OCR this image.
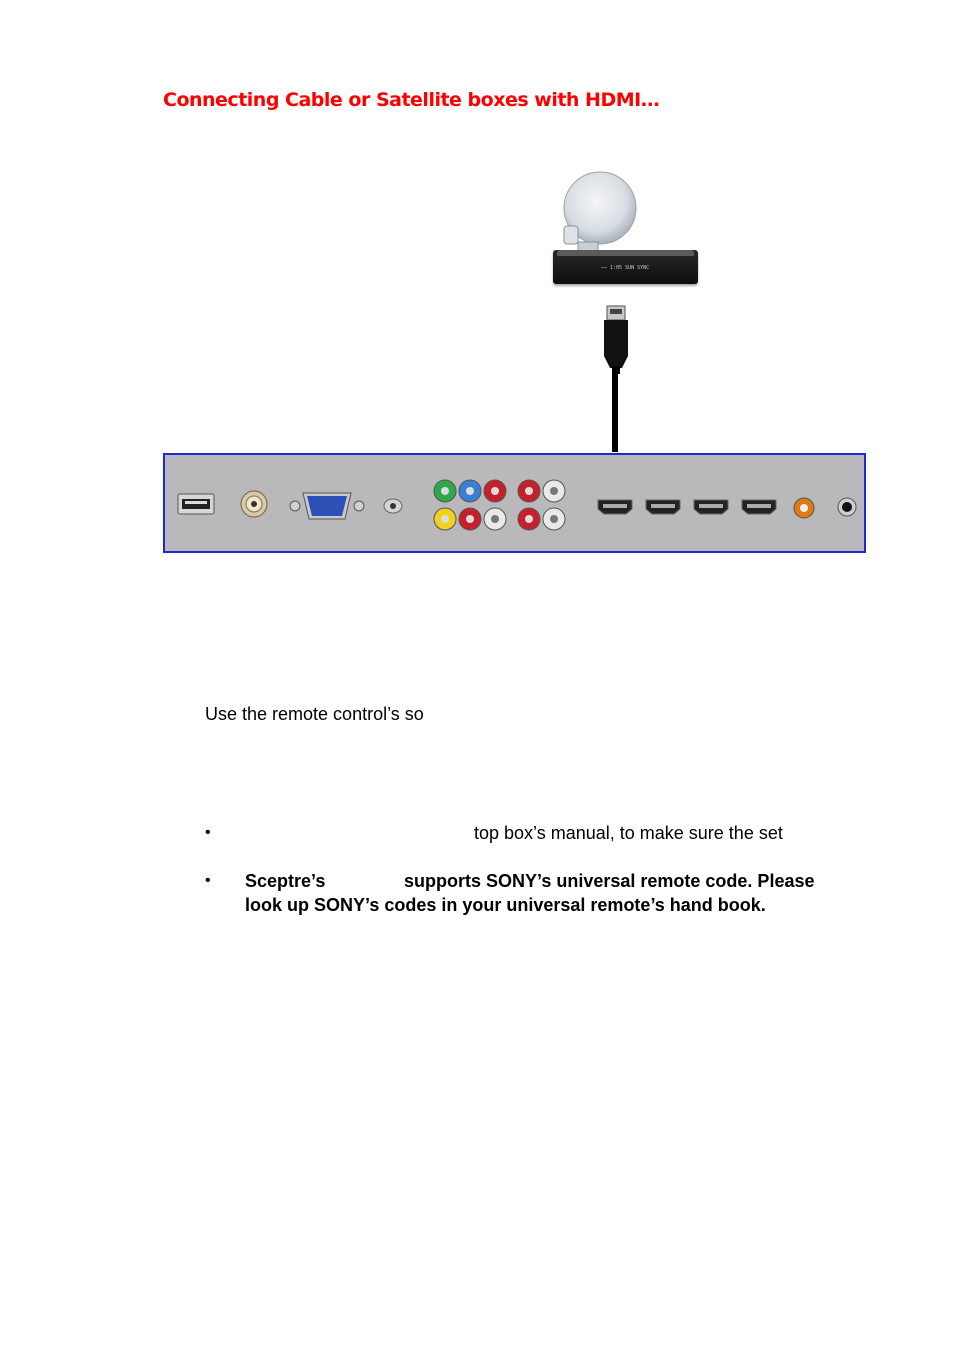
Connecting Cable or Satellite boxes with HDMI…
── 1:05 SUN SYNC
Use the remote control’s so
•	top box’s manual, to make sure the set
• Sceptre’s	supports SONY’s universal remote code. Please
look up SONY’s codes in your universal remote’s hand book.
